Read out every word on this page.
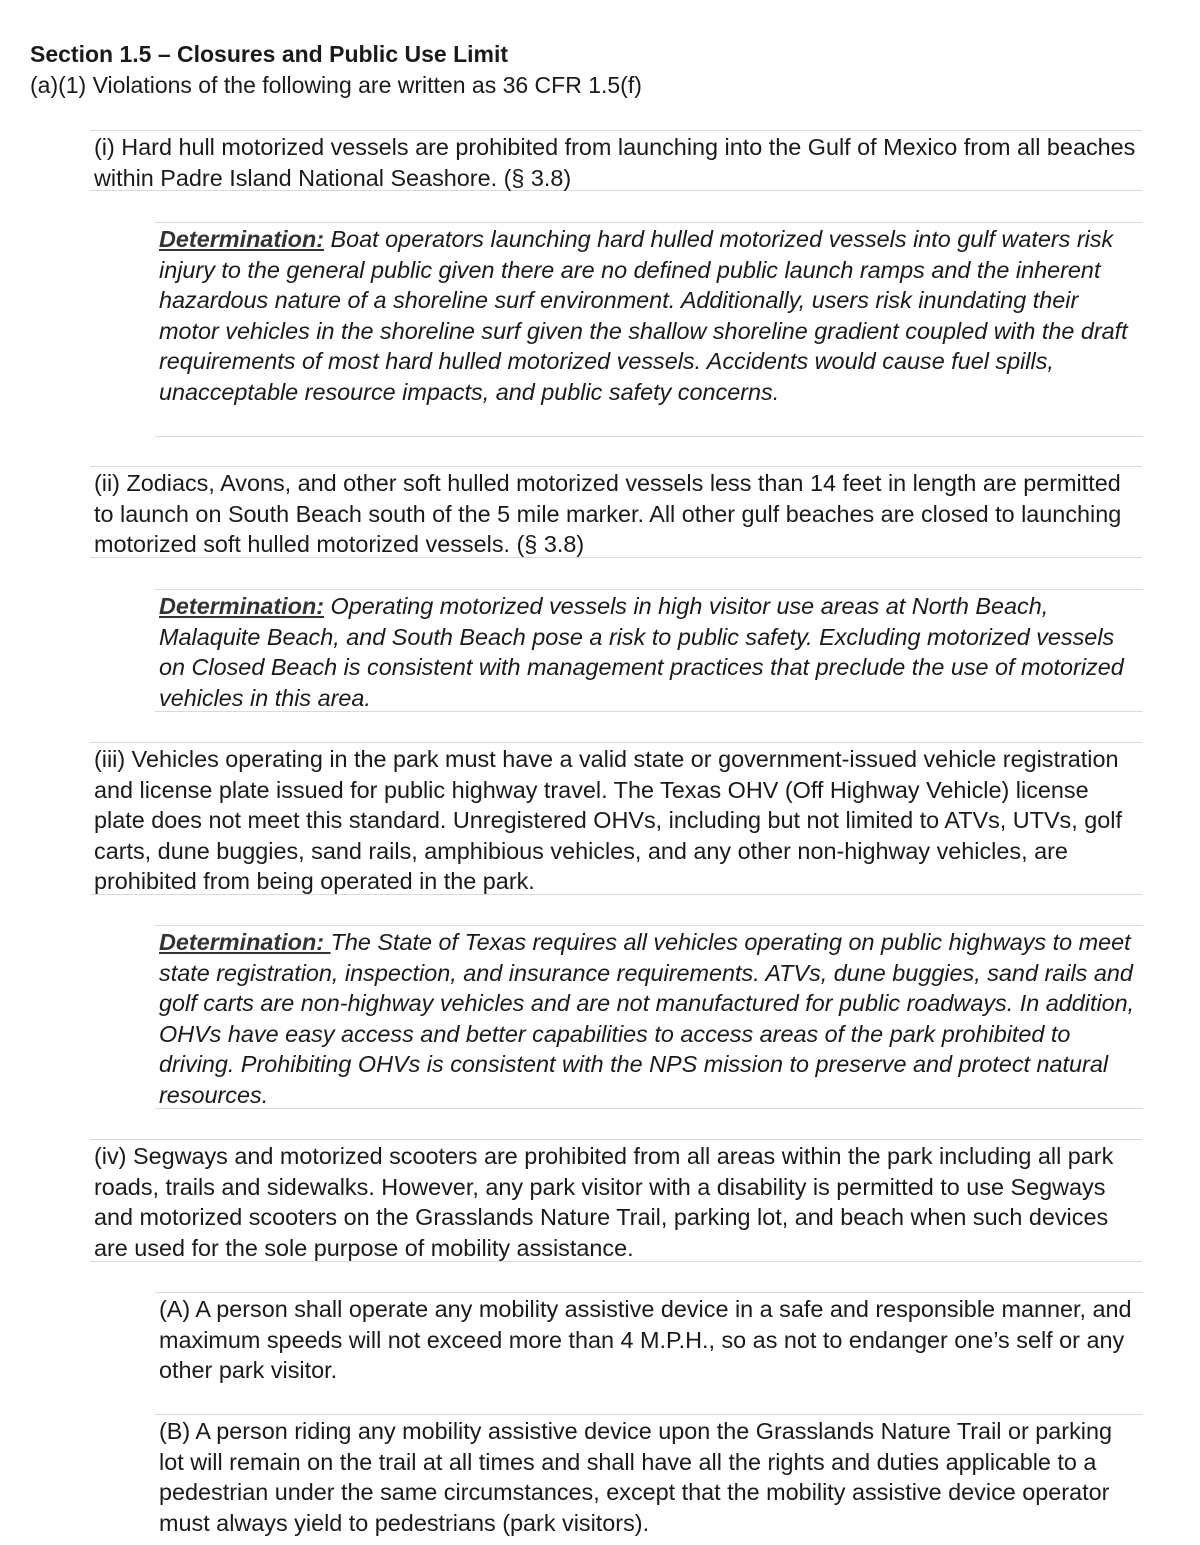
Section 1.5 – Closures and Public Use Limit

(a)(1) Violations of the following are written as 36 CFR 1.5(f)

(i) Hard hull motorized vessels are prohibited from launching into the Gulf of Mexico from all beaches within Padre Island National Seashore. (§ 3.8)

Determination: Boat operators launching hard hulled motorized vessels into gulf waters risk injury to the general public given there are no defined public launch ramps and the inherent hazardous nature of a shoreline surf environment. Additionally, users risk inundating their motor vehicles in the shoreline surf given the shallow shoreline gradient coupled with the draft requirements of most hard hulled motorized vessels. Accidents would cause fuel spills, unacceptable resource impacts, and public safety concerns.

(ii) Zodiacs, Avons, and other soft hulled motorized vessels less than 14 feet in length are permitted to launch on South Beach south of the 5 mile marker. All other gulf beaches are closed to launching motorized soft hulled motorized vessels. (§ 3.8)

Determination: Operating motorized vessels in high visitor use areas at North Beach, Malaquite Beach, and South Beach pose a risk to public safety. Excluding motorized vessels on Closed Beach is consistent with management practices that preclude the use of motorized vehicles in this area.

(iii) Vehicles operating in the park must have a valid state or government-issued vehicle registration and license plate issued for public highway travel. The Texas OHV (Off Highway Vehicle) license plate does not meet this standard. Unregistered OHVs, including but not limited to ATVs, UTVs, golf carts, dune buggies, sand rails, amphibious vehicles, and any other non-highway vehicles, are prohibited from being operated in the park.

Determination: The State of Texas requires all vehicles operating on public highways to meet state registration, inspection, and insurance requirements. ATVs, dune buggies, sand rails and golf carts are non-highway vehicles and are not manufactured for public roadways. In addition, OHVs have easy access and better capabilities to access areas of the park prohibited to driving. Prohibiting OHVs is consistent with the NPS mission to preserve and protect natural resources.

(iv) Segways and motorized scooters are prohibited from all areas within the park including all park roads, trails and sidewalks. However, any park visitor with a disability is permitted to use Segways and motorized scooters on the Grasslands Nature Trail, parking lot, and beach when such devices are used for the sole purpose of mobility assistance.

(A) A person shall operate any mobility assistive device in a safe and responsible manner, and maximum speeds will not exceed more than 4 M.P.H., so as not to endanger one’s self or any other park visitor.

(B) A person riding any mobility assistive device upon the Grasslands Nature Trail or parking lot will remain on the trail at all times and shall have all the rights and duties applicable to a pedestrian under the same circumstances, except that the mobility assistive device operator must always yield to pedestrians (park visitors).
